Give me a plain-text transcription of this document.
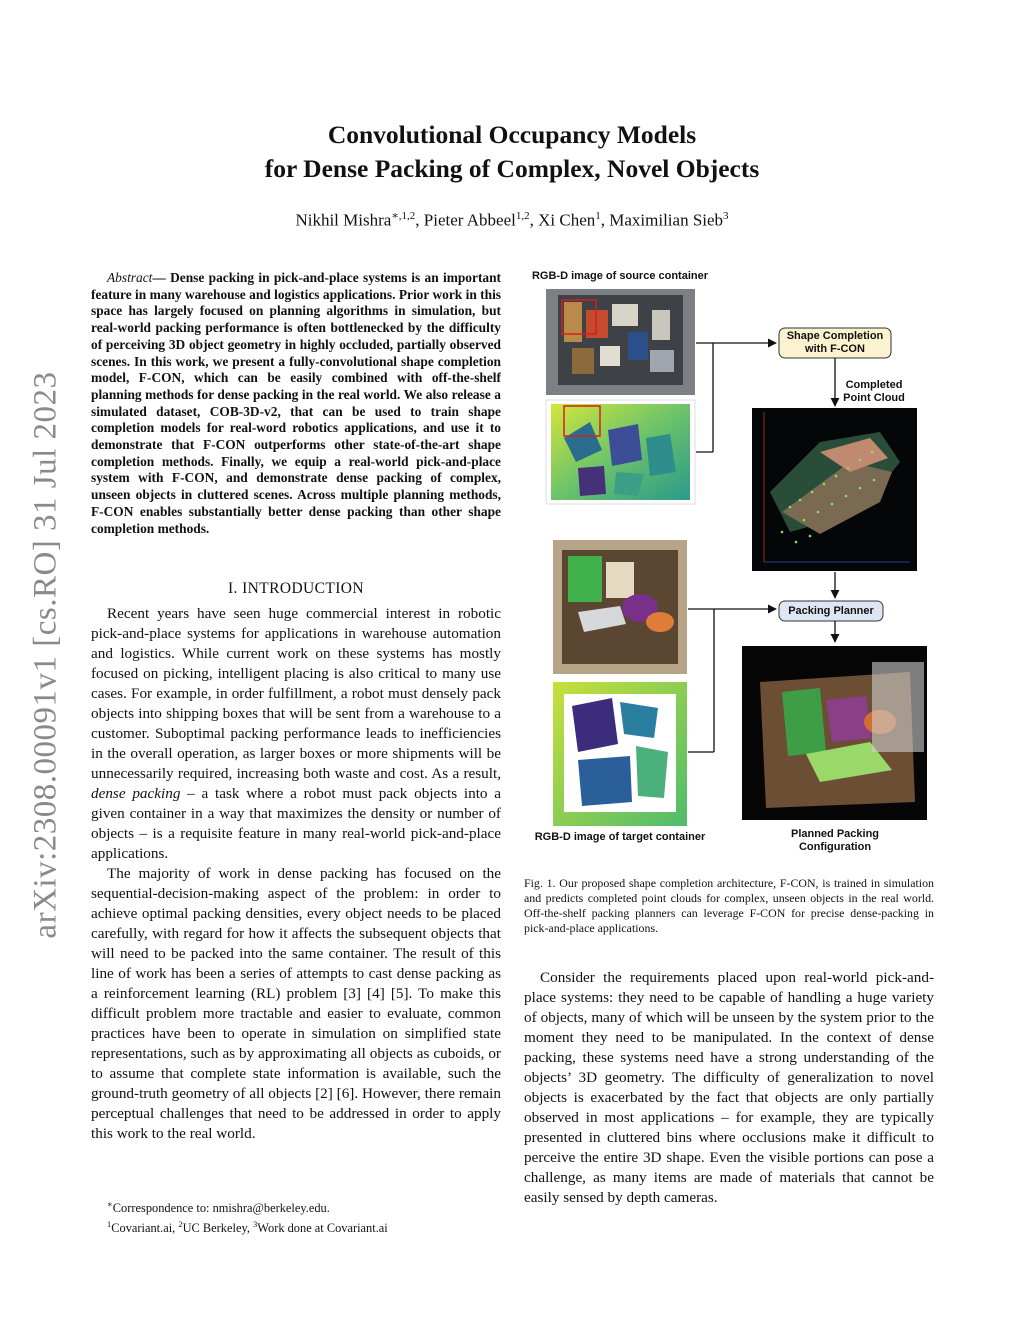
arXiv:2308.00091v1 [cs.RO] 31 Jul 2023
Convolutional Occupancy Models
for Dense Packing of Complex, Novel Objects
Nikhil Mishra$^{∗,1,2}$, Pieter Abbeel$^{1,2}$, Xi Chen$^1$, Maximilian Sieb$^3$

Abstract— Dense packing in pick-and-place systems is an important feature in many warehouse and logistics applications. Prior work in this space has largely focused on planning algorithms in simulation, but real-world packing performance is often bottlenecked by the difficulty of perceiving 3D object geometry in highly occluded, partially observed scenes. In this work, we present a fully-convolutional shape completion model, F-CON, which can be easily combined with off-the-shelf planning methods for dense packing in the real world. We also release a simulated dataset, COB-3D-v2, that can be used to train shape completion models for real-word robotics applications, and use it to demonstrate that F-CON outperforms other state-of-the-art shape completion methods. Finally, we equip a real-world pick-and-place system with F-CON, and demonstrate dense packing of complex, unseen objects in cluttered scenes. Across multiple planning methods, F-CON enables substantially better dense packing than other shape completion methods.

I. INTRODUCTION

Recent years have seen huge commercial interest in robotic pick-and-place systems for applications in warehouse automation and logistics. While current work on these systems has mostly focused on picking, intelligent placing is also critical to many use cases. For example, in order fulfillment, a robot must densely pack objects into shipping boxes that will be sent from a warehouse to a customer. Suboptimal packing performance leads to inefficiencies in the overall operation, as larger boxes or more shipments will be unnecessarily required, increasing both waste and cost. As a result, dense packing – a task where a robot must pack objects into a given container in a way that maximizes the density or number of objects – is a requisite feature in many real-world pick-and-place applications.

The majority of work in dense packing has focused on the sequential-decision-making aspect of the problem: in order to achieve optimal packing densities, every object needs to be placed carefully, with regard for how it affects the subsequent objects that will need to be packed into the same container. The result of this line of work has been a series of attempts to cast dense packing as a reinforcement learning (RL) problem [3] [4] [5]. To make this difficult problem more tractable and easier to evaluate, common practices have been to operate in simulation on simplified state representations, such as by approximating all objects as cuboids, or to assume that complete state information is available, such the ground-truth geometry of all objects [2] [6]. However, there remain perceptual challenges that need to be addressed in order to apply this work to the real world.

∗Correspondence to: nmishra@berkeley.edu.
$^1$Covariant.ai, $^2$UC Berkeley, $^3$Work done at Covariant.ai
RGB-D image of source container
Shape Completion with F-CON
Completed Point Cloud
Packing Planner
RGB-D image of target container	Planned Packing Configuration
Fig. 1. Our proposed shape completion architecture, F-CON, is trained in simulation and predicts completed point clouds for complex, unseen objects in the real world. Off-the-shelf packing planners can leverage F-CON for precise dense-packing in pick-and-place applications.

Consider the requirements placed upon real-world pick-and-place systems: they need to be capable of handling a huge variety of objects, many of which will be unseen by the system prior to the moment they need to be manipulated. In the context of dense packing, these systems need have a strong understanding of the objects’ 3D geometry. The difficulty of generalization to novel objects is exacerbated by the fact that objects are only partially observed in most applications – for example, they are typically presented in cluttered bins where occlusions make it difficult to perceive the entire 3D shape. Even the visible portions can pose a challenge, as many items are made of materials that cannot be easily sensed by depth cameras.
